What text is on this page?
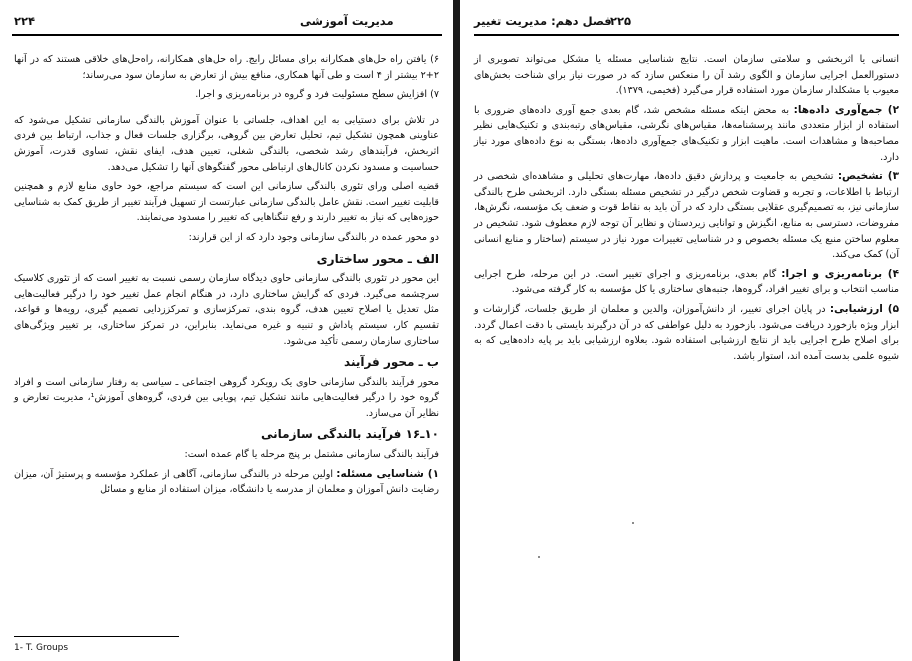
۲۲۴	مدیریت آموزشی

۶) یافتن راه حل‌های همکارانه برای مسائل رایج. راه حل‌های همکارانه، راه‌حل‌های خلاقی هستند که در آنها ۲+۲ بیشتر از ۴ است و طی آنها همکاری، منافع بیش از تعارض به سازمان سود می‌رساند؛

۷) افزایش سطح مسئولیت فرد و گروه در برنامه‌ریزی و اجرا.

در تلاش برای دستیابی به این اهداف، جلساتی با عنوان آموزش بالندگی سازمانی تشکیل می‌شود که عناوینی همچون تشکیل تیم، تحلیل تعارض بین گروهی، برگزاری جلسات فعال و جذاب، ارتباط بین فردی اثربخش، فرآیندهای رشد شخصی، بالندگی شغلی، تعیین هدف، ایفای نقش، تساوی قدرت، آموزش حساسیت و مسدود نکردن کانال‌های ارتباطی محور گفتگوهای آنها را تشکیل می‌دهد.

قضیه اصلی ورای تئوری بالندگی سازمانی این است که سیستم مراجع، خود حاوی منابع لازم و همچنین قابلیت تغییر است. نقش عامل بالندگی سازمانی عبارتست از تسهیل فرآیند تغییر از طریق کمک به شناسایی حوزه‌هایی که نیاز به تغییر دارند و رفع تنگناهایی که تغییر را مسدود می‌نمایند.

دو محور عمده در بالندگی سازمانی وجود دارد که از این قرارند:

الف ـ محور ساختاری

این محور در تئوری بالندگی سازمانی حاوی دیدگاه سازمان رسمی نسبت به تغییر است که از تئوری کلاسیک سرچشمه می‌گیرد. فردی که گرایش ساختاری دارد، در هنگام انجام عمل تغییر خود را درگیر فعالیت‌هایی مثل تعدیل یا اصلاح تعیین هدف، گروه بندی، تمرکزسازی و تمرکززدایی تصمیم گیری، رویه‌ها و قواعد، تقسیم کار، سیستم پاداش و تنبیه و غیره می‌نماید. بنابراین، در تمرکز ساختاری، بر تغییر ویژگی‌های ساختاری سازمان رسمی تأکید می‌شود.

ب ـ محور فرآیند

محور فرآیند بالندگی سازمانی حاوی یک رویکرد گروهی اجتماعی ـ سیاسی به رفتار سازمانی است و افراد گروه خود را درگیر فعالیت‌هایی مانند تشکیل تیم، پویایی بین فردی، گروه‌های آموزش¹، مدیریت تعارض و نظایر آن می‌سازد.

۱۰ـ۱۶ فرآیند بالندگی سازمانی

فرآیند بالندگی سازمانی مشتمل بر پنج مرحله یا گام عمده است:

۱) شناسایی مسئله: اولین مرحله در بالندگی سازمانی، آگاهی از عملکرد مؤسسه و پرستیژ آن، میزان رضایت دانش آموزان و معلمان از مدرسه یا دانشگاه، میزان استفاده از منابع و مسائل

1- T. Groups
فصل دهم: مدیریت تغییر
۲۲۵

انسانی یا اثربخشی و سلامتی سازمان است. نتایج شناسایی مسئله یا مشکل می‌تواند تصویری از دستورالعمل اجرایی سازمان و الگوی رشد آن را منعکس سازد که در صورت نیاز برای شناخت بخش‌های معیوب یا مشکلدار سازمان مورد استفاده قرار می‌گیرد (فخیمی، ۱۳۷۹).

۲) جمع‌آوری داده‌ها: به محض اینکه مسئله مشخص شد، گام بعدی جمع آوری داده‌های ضروری با استفاده از ابزار متعددی مانند پرسشنامه‌ها، مقیاس‌های نگرشی، مقیاس‌های رتبه‌بندی و تکنیک‌هایی نظیر مصاحبه‌ها و مشاهدات است. ماهیت ابزار و تکنیک‌های جمع‌آوری داده‌ها، بستگی به نوع داده‌های مورد نیاز دارد.

۳) تشخیص: تشخیص به جامعیت و پردازش دقیق داده‌ها، مهارت‌های تحلیلی و مشاهده‌ای شخصی در ارتباط با اطلاعات، و تجربه و قضاوت شخص درگیر در تشخیص مسئله بستگی دارد. اثربخشی طرح بالندگی سازمانی نیز، به تصمیم‌گیری عقلایی بستگی دارد که در آن باید به نقاط قوت و ضعف یک مؤسسه، نگرش‌ها، مفروضات، دسترسی به منابع، انگیزش و توانایی زیردستان و نظایر آن توجه لازم معطوف شود. تشخیص در معلوم ساختن منبع یک مسئله بخصوص و در شناسایی تغییرات مورد نیاز در سیستم (ساختار و منابع انسانی آن) کمک می‌کند.

۴) برنامه‌ریزی و اجرا: گام بعدی، برنامه‌ریزی و اجرای تغییر است. در این مرحله، طرح اجرایی مناسب انتخاب و برای تغییر افراد، گروه‌ها، جنبه‌های ساختاری یا کل مؤسسه به کار گرفته می‌شود.

۵) ارزشیابی: در پایان اجرای تغییر، از دانش‌آموزان، والدین و معلمان از طریق جلسات، گزارشات و ابزار ویژه بازخورد دریافت می‌شود. بازخورد به دلیل عواطفی که در آن درگیرند بایستی با دقت اعمال گردد. برای اصلاح طرح اجرایی باید از نتایج ارزشیابی استفاده شود. بعلاوه ارزشیابی باید بر پایه داده‌هایی که به شیوه علمی بدست آمده اند، استوار باشد.
